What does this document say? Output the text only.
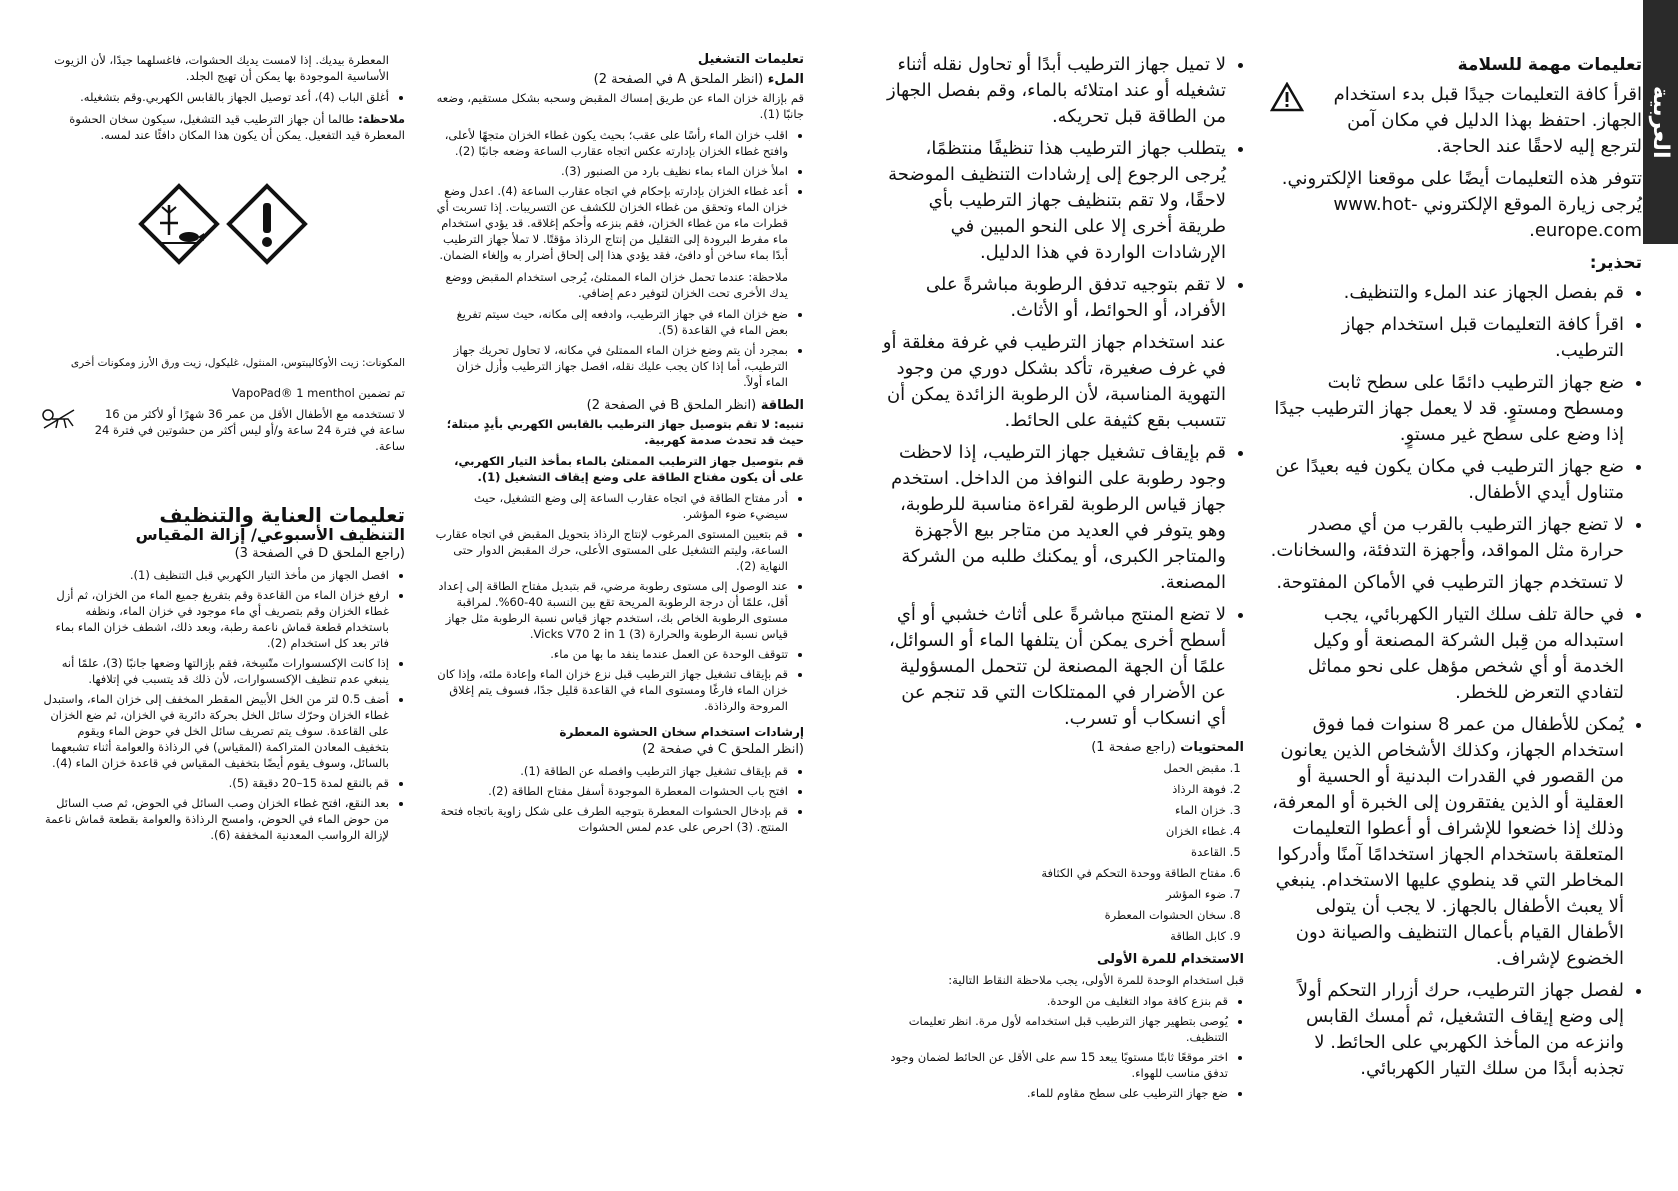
العربية
تعليمات مهمة للسلامة

اقرأ كافة التعليمات جيدًا قبل بدء استخدام الجهاز. احتفظ بهذا الدليل في مكان آمن لترجع إليه لاحقًا عند الحاجة.

تتوفر هذه التعليمات أيضًا على موقعنا الإلكتروني. يُرجى زيارة الموقع الإلكتروني www.hot-europe.com.

تحذير:
• قم بفصل الجهاز عند الملء والتنظيف.
• اقرأ كافة التعليمات قبل استخدام جهاز الترطيب.
• ضع جهاز الترطيب دائمًا على سطح ثابت ومسطح ومستوٍ. قد لا يعمل جهاز الترطيب جيدًا إذا وضع على سطح غير مستوٍ.
• ضع جهاز الترطيب في مكان يكون فيه بعيدًا عن متناول أيدي الأطفال.
• لا تضع جهاز الترطيب بالقرب من أي مصدر حرارة مثل المواقد، وأجهزة التدفئة، والسخانات.
لا تستخدم جهاز الترطيب في الأماكن المفتوحة.
• في حالة تلف سلك التيار الكهربائي، يجب استبداله من قِبل الشركة المصنعة أو وكيل الخدمة أو أي شخص مؤهل على نحو مماثل لتفادي التعرض للخطر.
• يُمكن للأطفال من عمر 8 سنوات فما فوق استخدام الجهاز، وكذلك الأشخاص الذين يعانون من القصور في القدرات البدنية أو الحسية أو العقلية أو الذين يفتقرون إلى الخبرة أو المعرفة، وذلك إذا خضعوا للإشراف أو أعطوا التعليمات المتعلقة باستخدام الجهاز استخدامًا آمنًا وأدركوا المخاطر التي قد ينطوي عليها الاستخدام. ينبغي ألا يعبث الأطفال بالجهاز. لا يجب أن يتولى الأطفال القيام بأعمال التنظيف والصيانة دون الخضوع لإشراف.
• لفصل جهاز الترطيب، حرك أزرار التحكم أولاً إلى وضع إيقاف التشغيل، ثم أمسك القابس وانزعه من المأخذ الكهربي على الحائط. لا تجذبه أبدًا من سلك التيار الكهربائي.
• لا تميل جهاز الترطيب أبدًا أو تحاول نقله أثناء تشغيله أو عند امتلائه بالماء، وقم بفصل الجهاز من الطاقة قبل تحريكه.
• يتطلب جهاز الترطيب هذا تنظيفًا منتظمًا، يُرجى الرجوع إلى إرشادات التنظيف الموضحة لاحقًا، ولا تقم بتنظيف جهاز الترطيب بأي طريقة أخرى إلا على النحو المبين في الإرشادات الواردة في هذا الدليل.
• لا تقم بتوجيه تدفق الرطوبة مباشرةً على الأفراد، أو الحوائط، أو الأثاث.
عند استخدام جهاز الترطيب في غرفة مغلقة أو في غرف صغيرة، تأكد بشكل دوري من وجود التهوية المناسبة، لأن الرطوبة الزائدة يمكن أن تتسبب بقع كثيفة على الحائط.
• قم بإيقاف تشغيل جهاز الترطيب، إذا لاحظت وجود رطوبة على النوافذ من الداخل. استخدم جهاز قياس الرطوبة لقراءة مناسبة للرطوبة، وهو يتوفر في العديد من متاجر بيع الأجهزة والمتاجر الكبرى، أو يمكنك طلبه من الشركة المصنعة.
• لا تضع المنتج مباشرةً على أثاث خشبي أو أي أسطح أخرى يمكن أن يتلفها الماء أو السوائل، علمًا أن الجهة المصنعة لن تتحمل المسؤولية عن الأضرار في الممتلكات التي قد تنجم عن أي انسكاب أو تسرب.
المحتويات (راجع صفحة 1)
1. مقبض الحمل
2. فوهة الرذاذ
3. خزان الماء
4. غطاء الخزان
5. القاعدة
6. مفتاح الطاقة ووحدة التحكم في الكثافة
7. ضوء المؤشر
8. سخان الحشوات المعطرة
9. كابل الطاقة
الاستخدام للمرة الأولى

قبل استخدام الوحدة للمرة الأولى، يجب ملاحظة النقاط التالية:

• قم بنزع كافة مواد التغليف من الوحدة.
• يُوصى بتطهير جهاز الترطيب قبل استخدامه لأول مرة. انظر تعليمات التنظيف.
• اختر موقعًا ثابتًا مستويًا يبعد 15 سم على الأقل عن الحائط لضمان وجود تدفق مناسب للهواء.
• ضع جهاز الترطيب على سطح مقاوم للماء.
تعليمات التشغيل
الملء (انظر الملحق A في الصفحة 2)

قم بإزالة خزان الماء عن طريق إمساك المقبض وسحبه بشكل مستقيم، وضعه جانبًا (1).

• اقلب خزان الماء رأسًا على عقب؛ بحيث يكون غطاء الخزان متجهًا لأعلى، وافتح غطاء الخزان بإدارته عكس اتجاه عقارب الساعة وضعه جانبًا (2).
• املأ خزان الماء بماء نظيف بارد من الصنبور (3).
• أعد غطاء الخزان بإدارته بإحكام في اتجاه عقارب الساعة (4). اعدل وضع خزان الماء وتحقق من غطاء الخزان للكشف عن التسريبات. إذا تسربت أي قطرات ماء من غطاء الخزان، فقم بنزعه وأحكم إغلاقه. قد يؤدي استخدام ماء مفرط البرودة إلى التقليل من إنتاج الرذاذ مؤقتًا. لا تملأ جهاز الترطيب أبدًا بماء ساخن أو دافئ، فقد يؤدي هذا إلى إلحاق أضرار به وإلغاء الضمان.

ملاحظة: عندما تحمل خزان الماء الممتلئ، يُرجى استخدام المقبض ووضع يدك الأخرى تحت الخزان لتوفير دعم إضافي.

• ضع خزان الماء في جهاز الترطيب، وادفعه إلى مكانه، حيث سيتم تفريغ بعض الماء في القاعدة (5).
• بمجرد أن يتم وضع خزان الماء الممتلئ في مكانه، لا تحاول تحريك جهاز الترطيب، أما إذا كان يجب عليك نقله، افصل جهاز الترطيب وأزل خزان الماء أولاً.
الطاقة (انظر الملحق B في الصفحة 2)

تنبيه: لا تقم بتوصيل جهاز الترطيب بالقابس الكهربي بأيدٍ مبتلة؛ حيث قد تحدث صدمة كهربية.

قم بتوصيل جهاز الترطيب الممتلئ بالماء بمأخذ التيار الكهربي، على أن يكون مفتاح الطاقة على وضع إيقاف التشغيل (1).

• أدر مفتاح الطاقة في اتجاه عقارب الساعة إلى وضع التشغيل، حيث سيضيء ضوء المؤشر.
• قم بتعيين المستوى المرغوب لإنتاج الرذاذ بتحويل المقبض في اتجاه عقارب الساعة، وليتم التشغيل على المستوى الأعلى، حرك المقبض الدوار حتى النهاية (2).
• عند الوصول إلى مستوى رطوبة مرضي، قم بتبديل مفتاح الطاقة إلى إعداد أقل، علمًا أن درجة الرطوبة المريحة تقع بين النسبة 40-60%. لمراقبة مستوى الرطوبة الخاص بك، استخدم جهاز قياس نسبة الرطوبة مثل جهاز قياس نسبة الرطوبة والحرارة Vicks V70 2 in 1 (3).
• تتوقف الوحدة عن العمل عندما ينفد ما بها من ماء.
• قم بإيقاف تشغيل جهاز الترطيب قبل نزع خزان الماء وإعادة ملئه، وإذا كان خزان الماء فارغًا ومستوى الماء في القاعدة قليل جدًا، فسوف يتم إغلاق المروحة والرذاذة.
إرشادات استخدام سخان الحشوة المعطرة

(انظر الملحق C في صفحة 2)

• قم بإيقاف تشغيل جهاز الترطيب وافصله عن الطاقة (1).
• افتح باب الحشوات المعطرة الموجودة أسفل مفتاح الطاقة (2).
• قم بإدخال الحشوات المعطرة بتوجيه الطرف على شكل زاوية باتجاه فتحة المنتج. (3) احرص على عدم لمس الحشوات

المعطرة بيديك. إذا لامست يديك الحشوات، فاغسلهما جيدًا، لأن الزيوت الأساسية الموجودة بها يمكن أن تهيج الجلد.

• أغلق الباب (4)، أعد توصيل الجهاز بالقابس الكهربي.وقم بتشغيله.

ملاحظة: طالما أن جهاز الترطيب قيد التشغيل، سيكون سخان الحشوة المعطرة قيد التفعيل. يمكن أن يكون هذا المكان دافئًا عند لمسه.

المكونات: زيت الأوكاليبتوس، المنثول، غليكول، زيت ورق الأرز ومكونات أخرى

تم تضمين VapoPad® 1 menthol

لا تستخدمه مع الأطفال الأقل من عمر 36 شهرًا أو لأكثر من 16 ساعة في فترة 24 ساعة و/أو ليس أكثر من حشوتين في فترة 24 ساعة.

تعليمات العناية والتنظيف
التنظيف الأسبوعي/ إزالة المقياس

(راجع الملحق D في الصفحة 3)

• افصل الجهاز من مأخذ التيار الكهربي قبل التنظيف (1).
• ارفع خزان الماء من القاعدة وقم بتفريغ جميع الماء من الخزان، ثم أزل غطاء الخزان وقم بتصريف أي ماء موجود في خزان الماء، ونظفه باستخدام قطعة قماش ناعمة رطبة، وبعد ذلك، اشطف خزان الماء بماء فاتر بعد كل استخدام (2).
• إذا كانت الإكسسوارات متّسِخة، فقم بإزالتها وضعها جانبًا (3)، علمًا أنه ينبغي عدم تنظيف الإكسسوارات، لأن ذلك قد يتسبب في إتلافها.
• أضف 0.5 لتر من الخل الأبيض المقطر المخفف إلى خزان الماء، واستبدل غطاء الخزان وحرّك سائل الخل بحركة دائرية في الخزان، ثم ضع الخزان على القاعدة. سوف يتم تصريف سائل الخل في حوض الماء ويقوم بتخفيف المعادن المتراكمة (المقياس) في الرذاذة والعوامة أثناء تشبعهما بالسائل، وسوف يقوم أيضًا بتخفيف المقياس في قاعدة خزان الماء (4).
• قم بالنقع لمدة 15–20 دقيقة (5).
• بعد النقع، افتح غطاء الخزان وصب السائل في الحوض، ثم صب السائل من حوض الماء في الحوض، وامسح الرذاذة والعوامة بقطعة قماش ناعمة لإزالة الرواسب المعدنية المخففة (6).
